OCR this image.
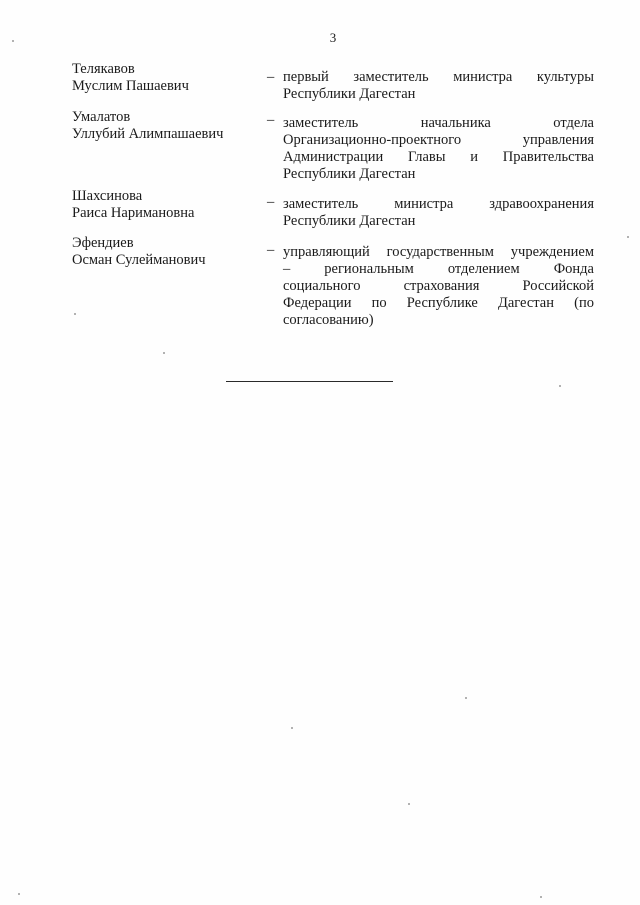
3
Телякавов
Муслим Пашаевич
– первый заместитель министра культуры
Республики Дагестан
Умалатов
Уллубий Алимпашаевич
– заместитель начальника отдела
Организационно-проектного управления
Администрации Главы и Правительства
Республики Дагестан
Шахсинова
Раиса Наримановна
– заместитель министра здравоохранения
Республики Дагестан
Эфендиев
Осман Сулейманович
– управляющий государственным учреждением
– региональным отделением Фонда
социального страхования Российской
Федерации по Республике Дагестан (по
согласованию)
